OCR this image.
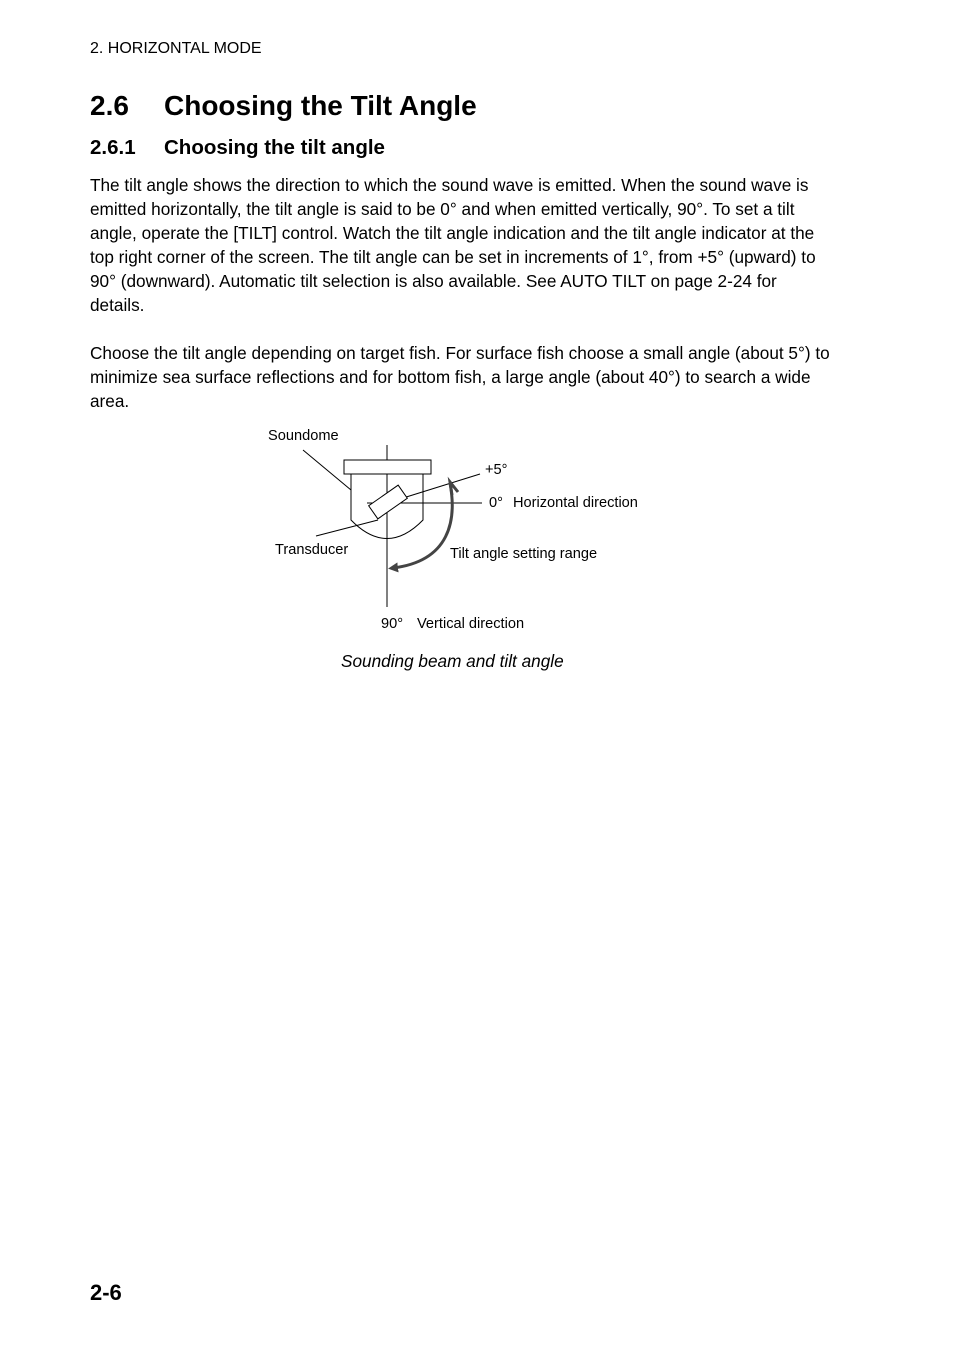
2. HORIZONTAL MODE
2.6 Choosing the Tilt Angle
2.6.1 Choosing the tilt angle

The tilt angle shows the direction to which the sound wave is emitted. When the sound wave is emitted horizontally, the tilt angle is said to be 0° and when emitted vertically, 90°. To set a tilt angle, operate the [TILT] control. Watch the tilt angle indication and the tilt angle indicator at the top right corner of the screen. The tilt angle can be set in increments of 1°, from +5° (upward) to 90° (downward). Automatic tilt selection is also available. See AUTO TILT on page 2-24 for details.

Choose the tilt angle depending on target fish. For surface fish choose a small angle (about 5°) to minimize sea surface reflections and for bottom fish, a large angle (about 40°) to search a wide area.

Soundome
Transducer
+5°
0° Horizontal direction
Tilt angle setting range
90° Vertical direction
Sounding beam and tilt angle
2-6
